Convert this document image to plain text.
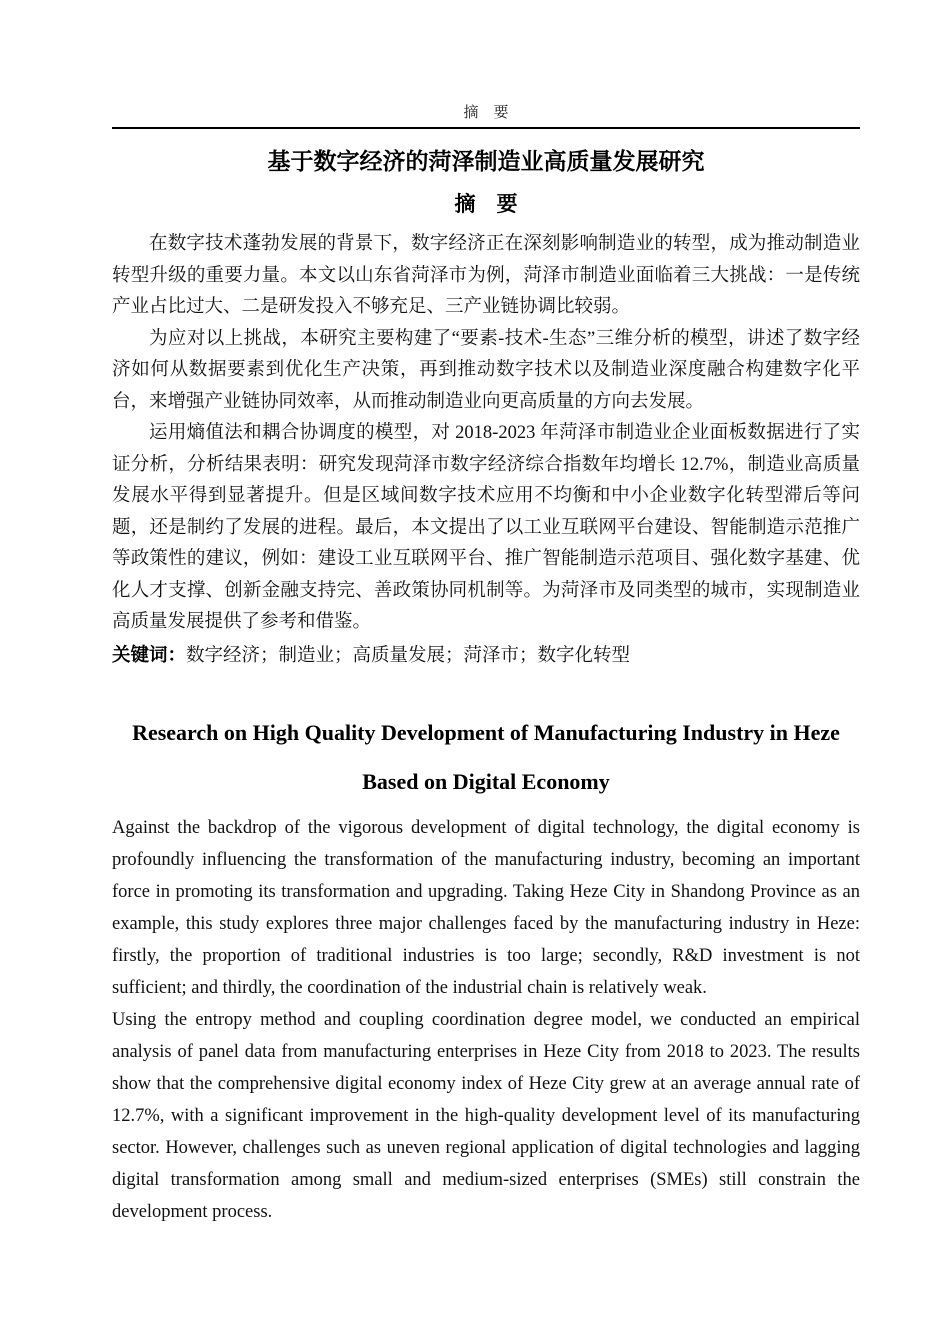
摘　要
基于数字经济的菏泽制造业高质量发展研究
摘　要

在数字技术蓬勃发展的背景下，数字经济正在深刻影响制造业的转型，成为推动制造业转型升级的重要力量。本文以山东省菏泽市为例，菏泽市制造业面临着三大挑战：一是传统产业占比过大、二是研发投入不够充足、三产业链协调比较弱。

为应对以上挑战，本研究主要构建了“要素-技术-生态”三维分析的模型，讲述了数字经济如何从数据要素到优化生产决策，再到推动数字技术以及制造业深度融合构建数字化平台，来增强产业链协同效率，从而推动制造业向更高质量的方向去发展。

运用熵值法和耦合协调度的模型，对 2018-2023 年菏泽市制造业企业面板数据进行了实证分析，分析结果表明：研究发现菏泽市数字经济综合指数年均增长 12.7%，制造业高质量发展水平得到显著提升。但是区域间数字技术应用不均衡和中小企业数字化转型滞后等问题，还是制约了发展的进程。最后，本文提出了以工业互联网平台建设、智能制造示范推广等政策性的建议，例如：建设工业互联网平台、推广智能制造示范项目、强化数字基建、优化人才支撑、创新金融支持完、善政策协同机制等。为菏泽市及同类型的城市，实现制造业高质量发展提供了参考和借鉴。

关键词：数字经济；制造业；高质量发展；菏泽市；数字化转型

Research on High Quality Development of Manufacturing Industry in Heze Based on Digital Economy

Against the backdrop of the vigorous development of digital technology, the digital economy is profoundly influencing the transformation of the manufacturing industry, becoming an important force in promoting its transformation and upgrading. Taking Heze City in Shandong Province as an example, this study explores three major challenges faced by the manufacturing industry in Heze: firstly, the proportion of traditional industries is too large; secondly, R&D investment is not sufficient; and thirdly, the coordination of the industrial chain is relatively weak.

Using the entropy method and coupling coordination degree model, we conducted an empirical analysis of panel data from manufacturing enterprises in Heze City from 2018 to 2023. The results show that the comprehensive digital economy index of Heze City grew at an average annual rate of 12.7%, with a significant improvement in the high-quality development level of its manufacturing sector. However, challenges such as uneven regional application of digital technologies and lagging digital transformation among small and medium-sized enterprises (SMEs) still constrain the development process.
